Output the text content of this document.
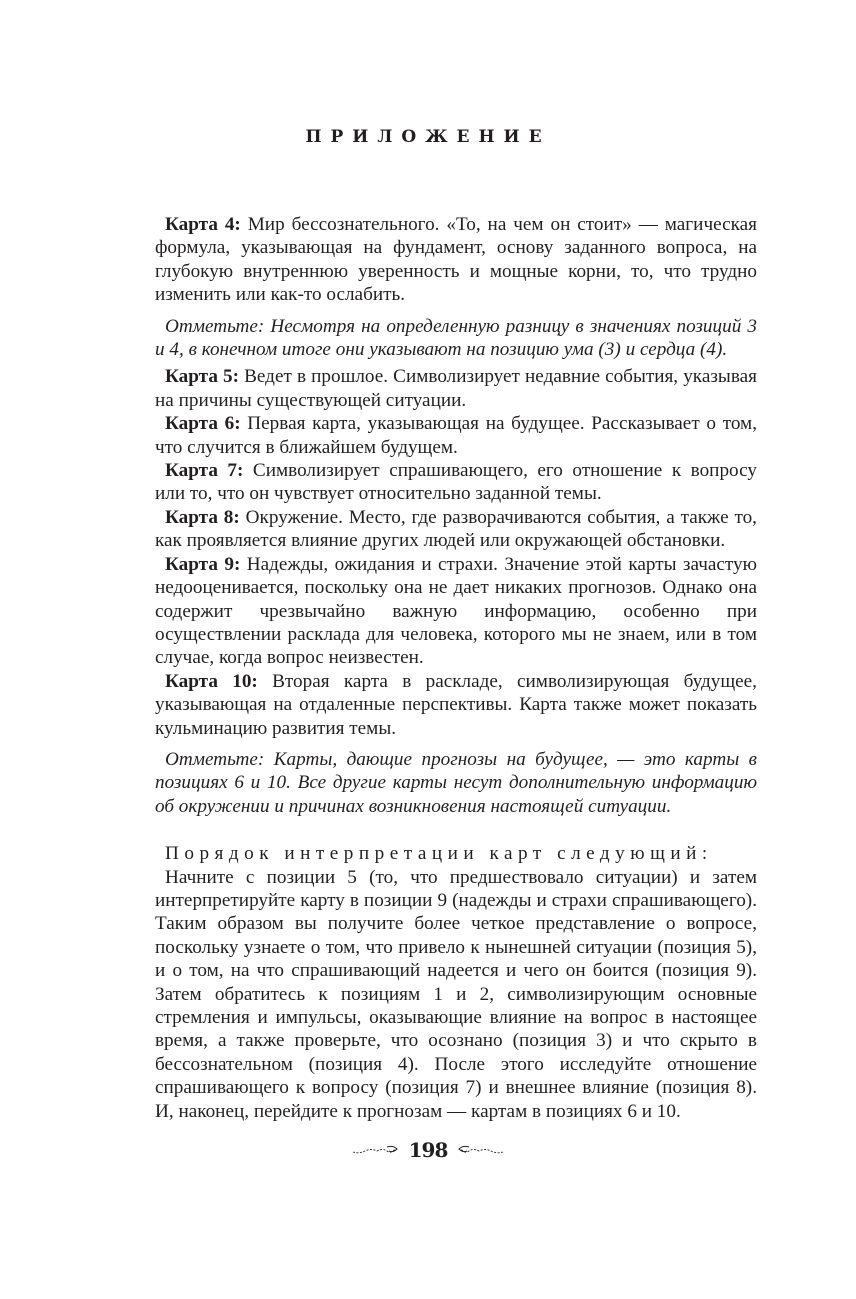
ПРИЛОЖЕНИЕ

Карта 4: Мир бессознательного. «То, на чем он стоит» — магическая формула, указывающая на фундамент, основу заданного вопроса, на глубокую внутреннюю уверенность и мощные корни, то, что трудно изменить или как-то ослабить.

Отметьте: Несмотря на определенную разницу в значениях позиций 3 и 4, в конечном итоге они указывают на позицию ума (3) и сердца (4).

Карта 5: Ведет в прошлое. Символизирует недавние события, указывая на причины существующей ситуации.

Карта 6: Первая карта, указывающая на будущее. Рассказывает о том, что случится в ближайшем будущем.

Карта 7: Символизирует спрашивающего, его отношение к вопросу или то, что он чувствует относительно заданной темы.

Карта 8: Окружение. Место, где разворачиваются события, а также то, как проявляется влияние других людей или окружающей обстановки.

Карта 9: Надежды, ожидания и страхи. Значение этой карты зачастую недооценивается, поскольку она не дает никаких прогнозов. Однако она содержит чрезвычайно важную информацию, особенно при осуществлении расклада для человека, которого мы не знаем, или в том случае, когда вопрос неизвестен.

Карта 10: Вторая карта в раскладе, символизирующая будущее, указывающая на отдаленные перспективы. Карта также может показать кульминацию развития темы.

Отметьте: Карты, дающие прогнозы на будущее, — это карты в позициях 6 и 10. Все другие карты несут дополнительную информацию об окружении и причинах возникновения настоящей ситуации.

Порядок интерпретации карт следующий:

Начните с позиции 5 (то, что предшествовало ситуации) и затем интерпретируйте карту в позиции 9 (надежды и страхи спрашивающего). Таким образом вы получите более четкое представление о вопросе, поскольку узнаете о том, что привело к нынешней ситуации (позиция 5), и о том, на что спрашивающий надеется и чего он боится (позиция 9). Затем обратитесь к позициям 1 и 2, символизирующим основные стремления и импульсы, оказывающие влияние на вопрос в настоящее время, а также проверьте, что осознано (позиция 3) и что скрыто в бессознательном (позиция 4). После этого исследуйте отношение спрашивающего к вопросу (позиция 7) и внешнее влияние (позиция 8). И, наконец, перейдите к прогнозам — картам в позициях 6 и 10.

198
